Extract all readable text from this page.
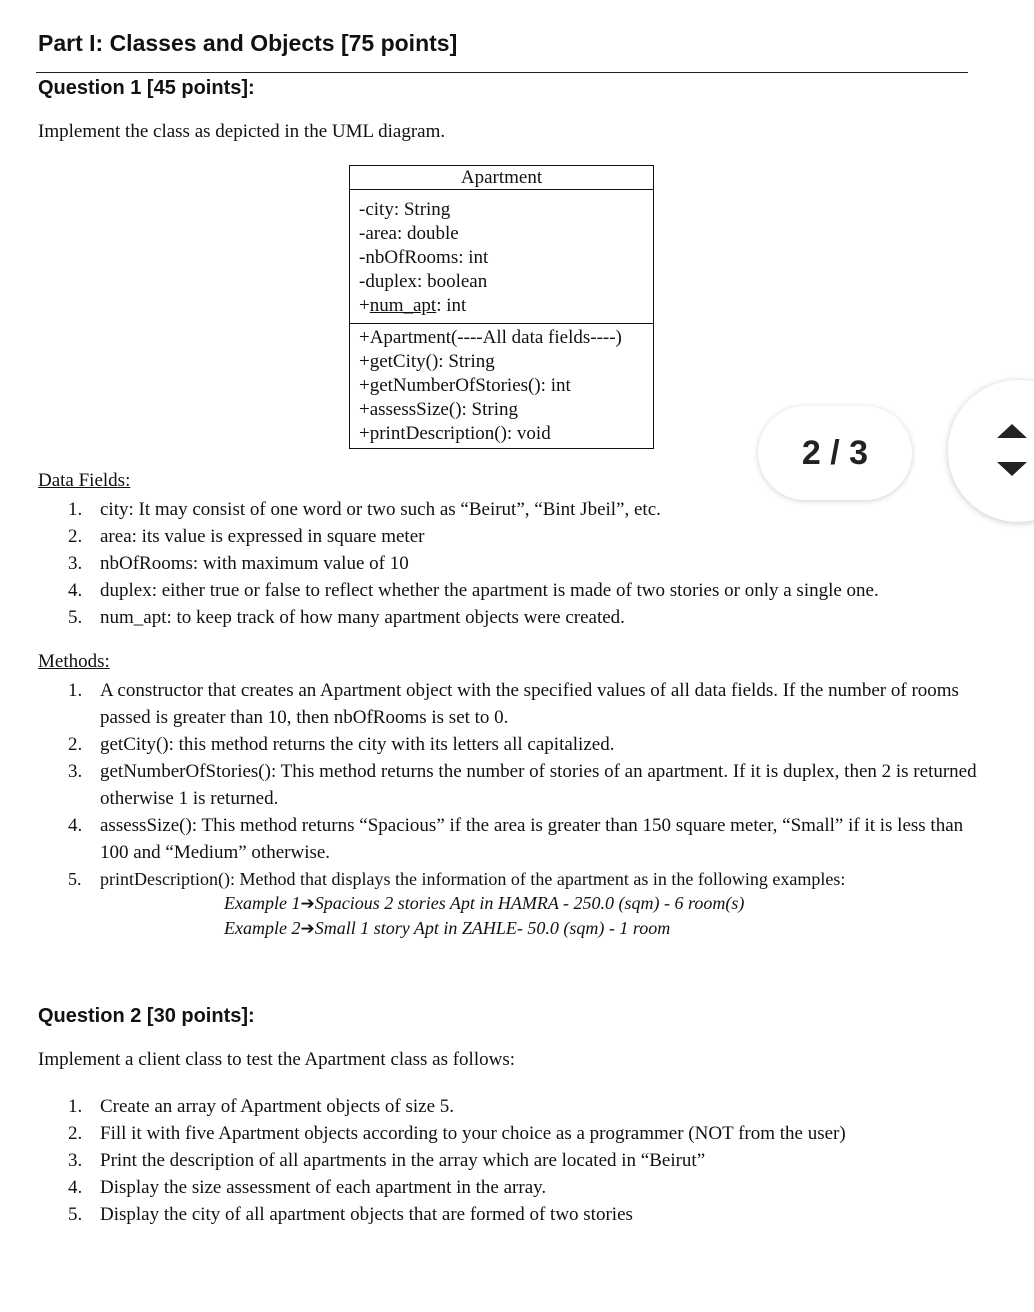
Part I: Classes and Objects [75 points]
Question 1 [45 points]:
Implement the class as depicted in the UML diagram.
Apartment
-city: String
-area: double
-nbOfRooms: int
-duplex: boolean
+num_apt: int
+Apartment(----All data fields----)
+getCity(): String
+getNumberOfStories(): int
+assessSize(): String
+printDescription(): void	2 / 3
Data Fields:
1. city: It may consist of one word or two such as “Beirut”, “Bint Jbeil”, etc.
2. area: its value is expressed in square meter
3. nbOfRooms: with maximum value of 10
4. duplex: either true or false to reflect whether the apartment is made of two stories or only a single one.
5. num_apt: to keep track of how many apartment objects were created.
Methods:
1. A constructor that creates an Apartment object with the specified values of all data fields. If the number of rooms passed is greater than 10, then nbOfRooms is set to 0.
2. getCity(): this method returns the city with its letters all capitalized.
3. getNumberOfStories(): This method returns the number of stories of an apartment. If it is duplex, then 2 is returned otherwise 1 is returned.
4. assessSize(): This method returns “Spacious” if the area is greater than 150 square meter, “Small” if it is less than 100 and “Medium” otherwise.
5. printDescription(): Method that displays the information of the apartment as in the following examples:
Example 1➔Spacious 2 stories Apt in HAMRA - 250.0 (sqm) - 6 room(s)
Example 2➔Small 1 story Apt in ZAHLE- 50.0 (sqm) - 1 room
Question 2 [30 points]:
Implement a client class to test the Apartment class as follows:
1. Create an array of Apartment objects of size 5.
2. Fill it with five Apartment objects according to your choice as a programmer (NOT from the user)
3. Print the description of all apartments in the array which are located in “Beirut”
4. Display the size assessment of each apartment in the array.
5. Display the city of all apartment objects that are formed of two stories
